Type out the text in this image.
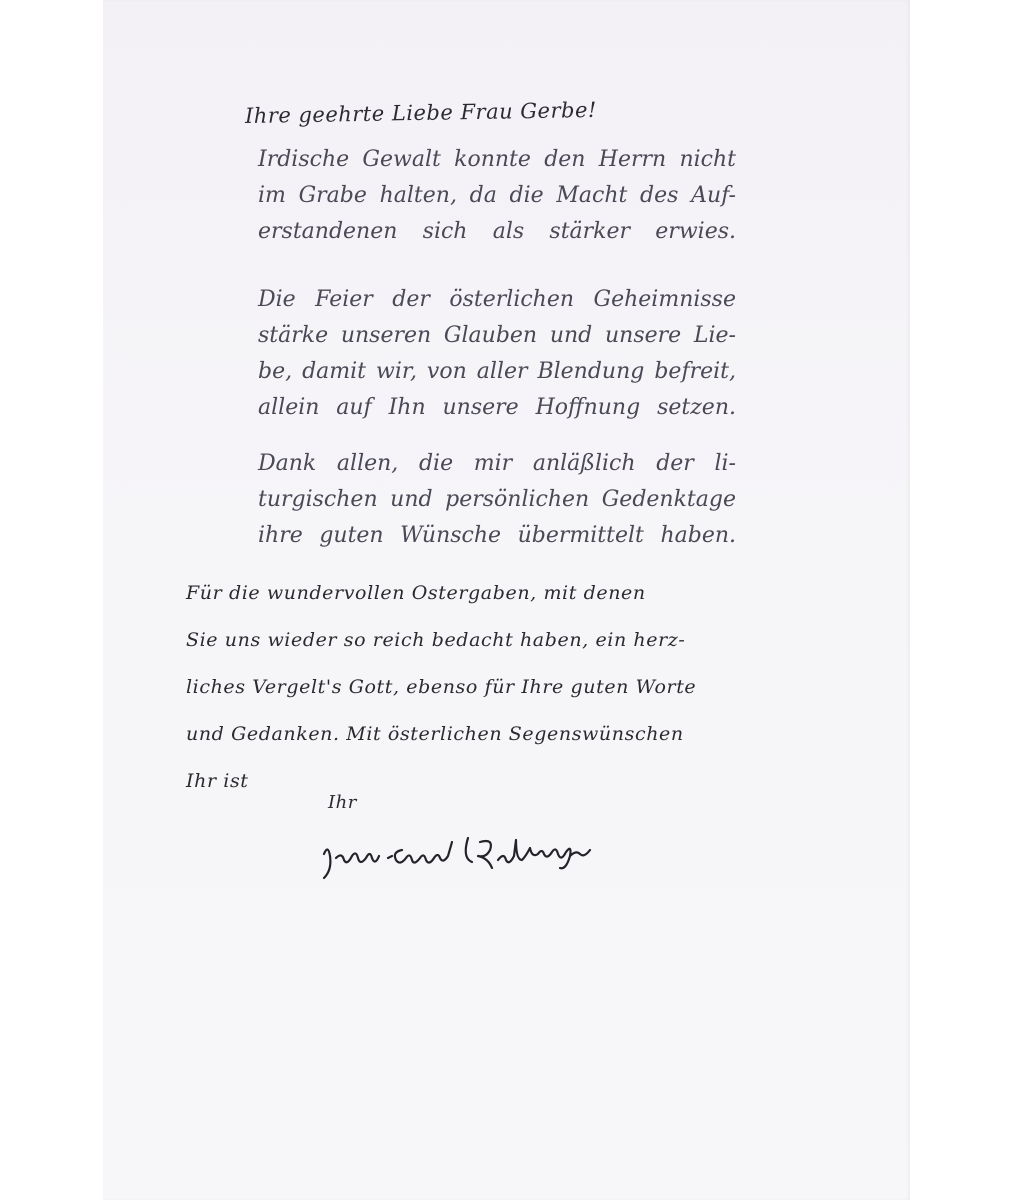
Ihre geehrte Liebe Frau Gerbe!
Irdische Gewalt konnte den Herrn nicht
im Grabe halten, da die Macht des Auf-
erstandenen sich als stärker erwies.
Die Feier der österlichen Geheimnisse
stärke unseren Glauben und unsere Lie-
be, damit wir, von aller Blendung befreit,
allein auf Ihn unsere Hoffnung setzen.
Dank allen, die mir anläßlich der li-
turgischen und persönlichen Gedenktage
ihre guten Wünsche übermittelt haben.
Für die wundervollen Ostergaben, mit denen
Sie uns wieder so reich bedacht haben, ein herz-
liches Vergelt's Gott, ebenso für Ihre guten Worte
und Gedanken. Mit österlichen Segenswünschen
Ihr ist
Ihr
